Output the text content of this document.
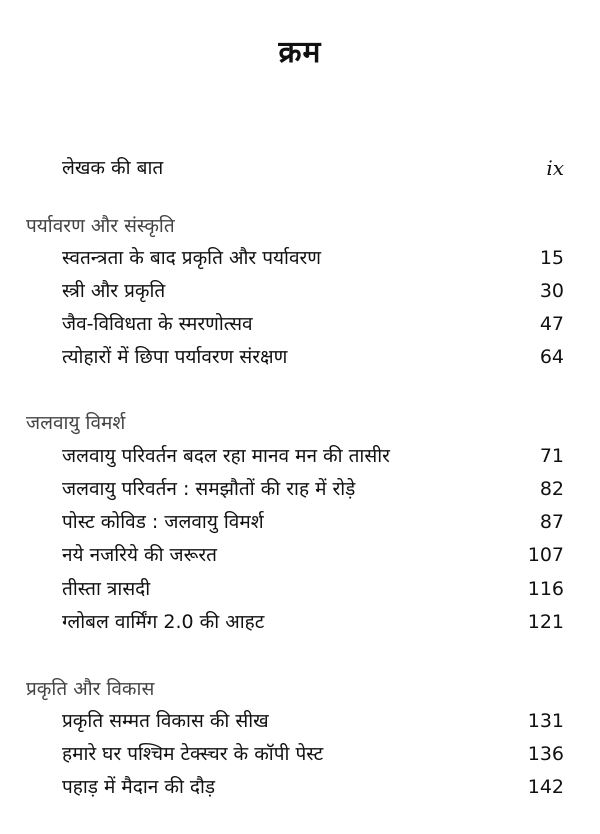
क्रम
लेखक की बात	ix
पर्यावरण और संस्कृति
स्वतन्त्रता के बाद प्रकृति और पर्यावरण	15
स्त्री और प्रकृति	30
जैव-विविधता के स्मरणोत्सव	47
त्योहारों में छिपा पर्यावरण संरक्षण	64
जलवायु विमर्श
जलवायु परिवर्तन बदल रहा मानव मन की तासीर	71
जलवायु परिवर्तन : समझौतों की राह में रोड़े	82
पोस्ट कोविड : जलवायु विमर्श	87
नये नजरिये की जरूरत	107
तीस्ता त्रासदी	116
ग्लोबल वार्मिंग 2.0 की आहट	121
प्रकृति और विकास
प्रकृति सम्मत विकास की सीख	131
हमारे घर पश्चिम टेक्स्चर के कॉपी पेस्ट	136
पहाड़ में मैदान की दौड़	142
